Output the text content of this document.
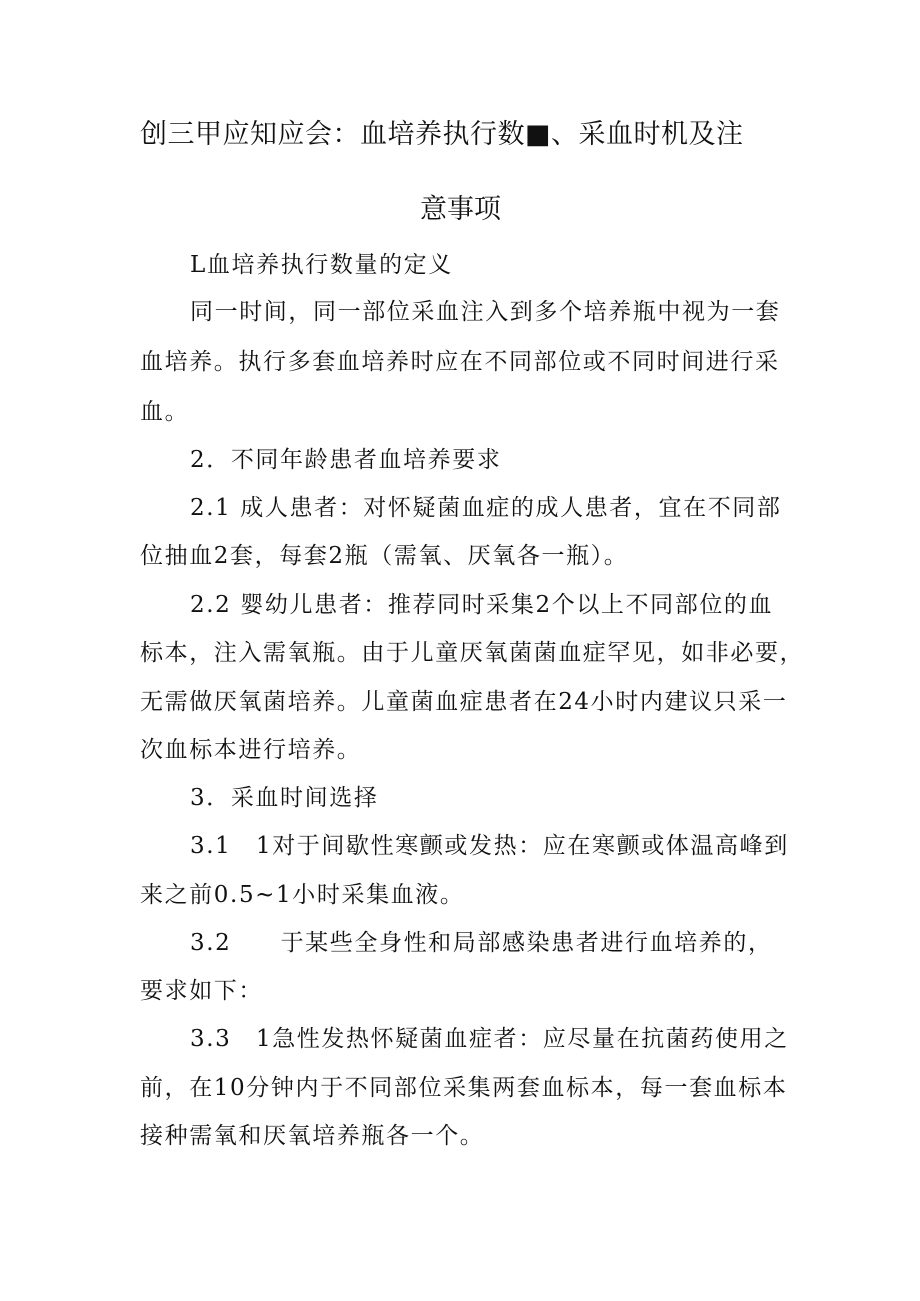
创三甲应知应会：血培养执行数■、采血时机及注
意事项
L血培养执行数量的定义
同一时间，同一部位采血注入到多个培养瓶中视为一套
血培养。执行多套血培养时应在不同部位或不同时间进行采
血。
2．不同年龄患者血培养要求
2.1 成人患者：对怀疑菌血症的成人患者，宜在不同部
位抽血2套，每套2瓶（需氧、厌氧各一瓶）。
2.2 婴幼儿患者：推荐同时采集2个以上不同部位的血
标本，注入需氧瓶。由于儿童厌氧菌菌血症罕见，如非必要，
无需做厌氧菌培养。儿童菌血症患者在24小时内建议只采一
次血标本进行培养。
3．采血时间选择
3.1　1对于间歇性寒颤或发热：应在寒颤或体温高峰到
来之前0.5~1小时采集血液。
3.2　　于某些全身性和局部感染患者进行血培养的，
要求如下：
3.3　1急性发热怀疑菌血症者：应尽量在抗菌药使用之
前，在10分钟内于不同部位采集两套血标本，每一套血标本
接种需氧和厌氧培养瓶各一个。
